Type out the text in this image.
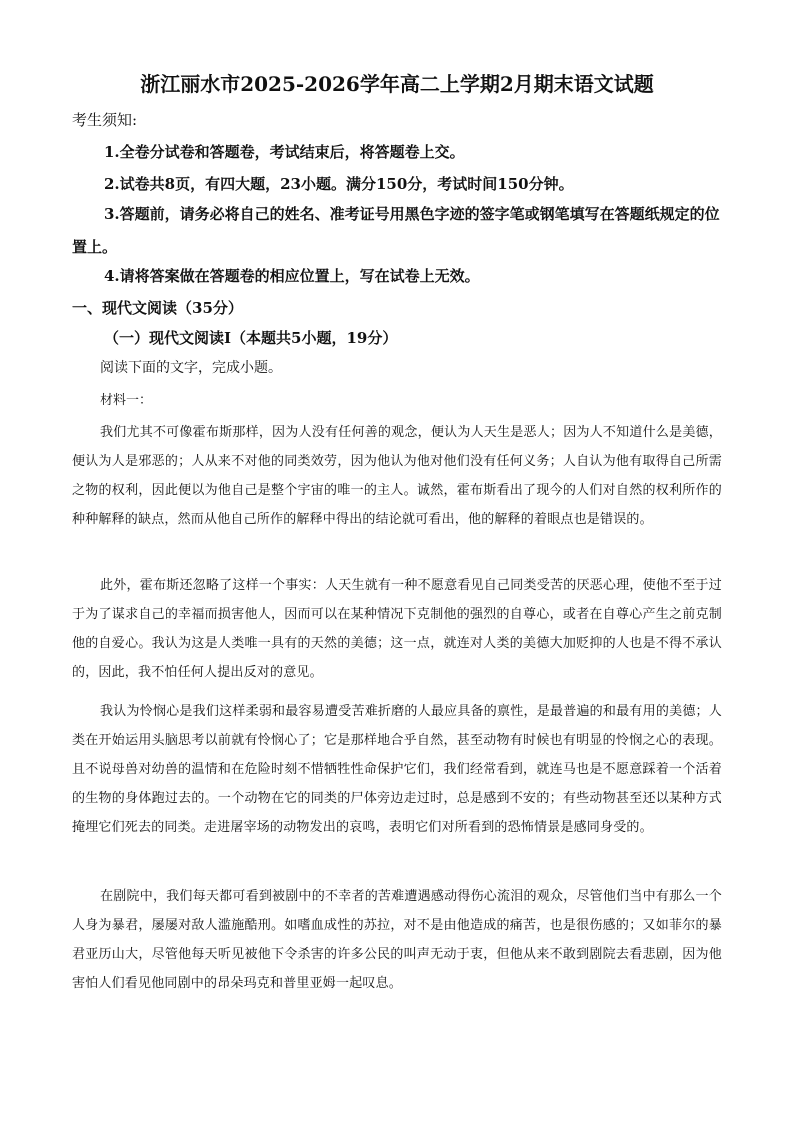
浙江丽水市2025-2026学年高二上学期2月期末语文试题

考生须知:

1.全卷分试卷和答题卷，考试结束后，将答题卷上交。

2.试卷共8页，有四大题，23小题。满分150分，考试时间150分钟。

3.答题前，请务必将自己的姓名、准考证号用黑色字迹的签字笔或钢笔填写在答题纸规定的位置上。

4.请将答案做在答题卷的相应位置上，写在试卷上无效。

一、现代文阅读（35分）

（一）现代文阅读Ⅰ（本题共5小题，19分）

阅读下面的文字，完成小题。

材料一：

我们尤其不可像霍布斯那样，因为人没有任何善的观念，便认为人天生是恶人；因为人不知道什么是美德，便认为人是邪恶的；人从来不对他的同类效劳，因为他认为他对他们没有任何义务；人自认为他有取得自己所需之物的权利，因此便以为他自己是整个宇宙的唯一的主人。诚然，霍布斯看出了现今的人们对自然的权利所作的种种解释的缺点，然而从他自己所作的解释中得出的结论就可看出，他的解释的着眼点也是错误的。

此外，霍布斯还忽略了这样一个事实：人天生就有一种不愿意看见自己同类受苦的厌恶心理，使他不至于过于为了谋求自己的幸福而损害他人，因而可以在某种情况下克制他的强烈的自尊心，或者在自尊心产生之前克制他的自爱心。我认为这是人类唯一具有的天然的美德；这一点，就连对人类的美德大加贬抑的人也是不得不承认的，因此，我不怕任何人提出反对的意见。

我认为怜悯心是我们这样柔弱和最容易遭受苦难折磨的人最应具备的禀性，是最普遍的和最有用的美德；人类在开始运用头脑思考以前就有怜悯心了；它是那样地合乎自然，甚至动物有时候也有明显的怜悯之心的表现。且不说母兽对幼兽的温情和在危险时刻不惜牺牲性命保护它们，我们经常看到，就连马也是不愿意踩着一个活着的生物的身体跑过去的。一个动物在它的同类的尸体旁边走过时，总是感到不安的；有些动物甚至还以某种方式掩埋它们死去的同类。走进屠宰场的动物发出的哀鸣，表明它们对所看到的恐怖情景是感同身受的。

在剧院中，我们每天都可看到被剧中的不幸者的苦难遭遇感动得伤心流泪的观众，尽管他们当中有那么一个人身为暴君，屡屡对敌人滥施酷刑。如嗜血成性的苏拉，对不是由他造成的痛苦，也是很伤感的；又如菲尔的暴君亚历山大，尽管他每天听见被他下令杀害的许多公民的叫声无动于衷，但他从来不敢到剧院去看悲剧，因为他害怕人们看见他同剧中的昂朵玛克和普里亚姆一起叹息。
